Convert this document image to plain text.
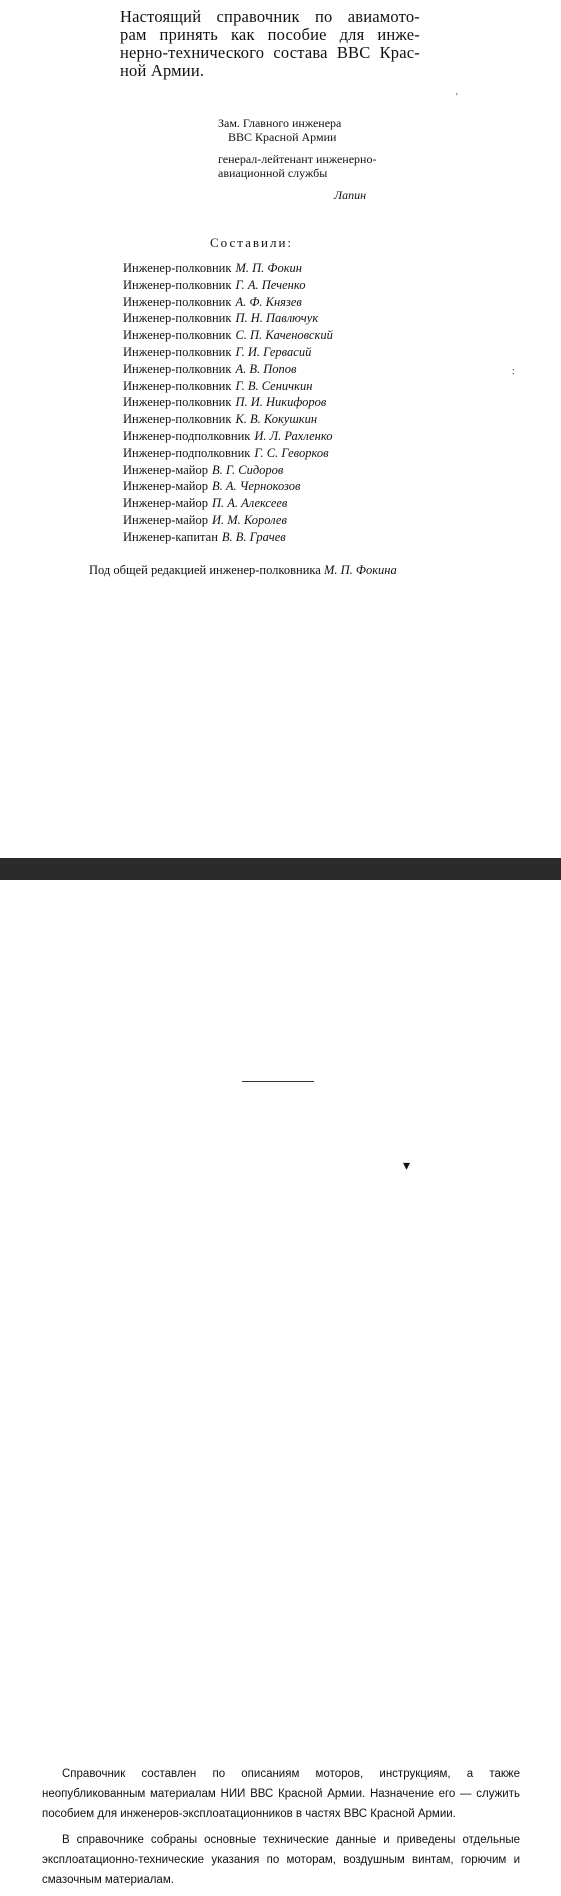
Настоящий справочник по авиамото-
рам принять как пособие для инже-
нерно-технического состава ВВС Крас-
ной Армии.
Зам. Главного инженера
ВВС Красной Армии
генерал-лейтенант инженерно-
авиационной службы
Лапин
Составили:
Инженер-полковник М. П. Фокин
Инженер-полковник Г. А. Печенко
Инженер-полковник А. Ф. Князев
Инженер-полковник П. Н. Павлючук
Инженер-полковник С. П. Каченовский
Инженер-полковник Г. И. Гервасий
Инженер-полковник А. В. Попов
Инженер-полковник Г. В. Сеничкин
Инженер-полковник П. И. Никифоров
Инженер-полковник К. В. Кокушкин
Инженер-подполковник И. Л. Рахленко
Инженер-подполковник Г. С. Геворков
Инженер-майор В. Г. Сидоров
Инженер-майор В. А. Чернокозов
Инженер-майор П. А. Алексеев
Инженер-майор И. М. Королев
Инженер-капитан В. В. Грачев
Под общей редакцией инженер-полковника М. П. Фокина
'
:

Справочник составлен по описаниям моторов, инструкциям, а также неопубликованным материалам НИИ ВВС Красной Армии. Назначение его — служить пособием для инженеров-эксплоатационников в частях ВВС Красной Армии.

В справочнике собраны основные технические данные и приведены отдельные эксплоатационно-технические указания по моторам, воздушным винтам, горючим и смазочным материалам.

▾
